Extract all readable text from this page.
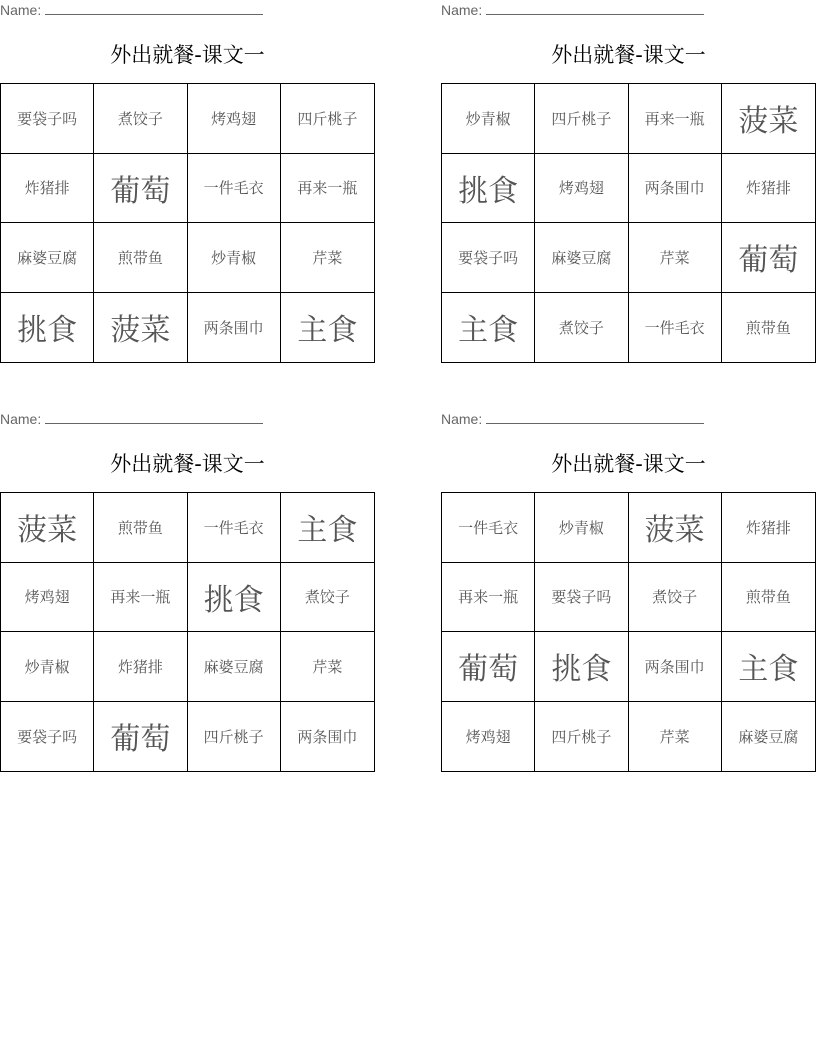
Name:
外出就餐-课文一
要袋子吗	煮饺子	烤鸡翅	四斤桃子
炸猪排	葡萄	一件毛衣	再来一瓶
麻婆豆腐	煎带鱼	炒青椒	芹菜
挑食	菠菜	两条围巾	主食
Name:
外出就餐-课文一
炒青椒	四斤桃子	再来一瓶	菠菜
挑食	烤鸡翅	两条围巾	炸猪排
要袋子吗	麻婆豆腐	芹菜	葡萄
主食	煮饺子	一件毛衣	煎带鱼
Name:
外出就餐-课文一
菠菜	煎带鱼	一件毛衣	主食
烤鸡翅	再来一瓶	挑食	煮饺子
炒青椒	炸猪排	麻婆豆腐	芹菜
要袋子吗	葡萄	四斤桃子	两条围巾
Name:
外出就餐-课文一
一件毛衣	炒青椒	菠菜	炸猪排
再来一瓶	要袋子吗	煮饺子	煎带鱼
葡萄	挑食	两条围巾	主食
烤鸡翅	四斤桃子	芹菜	麻婆豆腐
